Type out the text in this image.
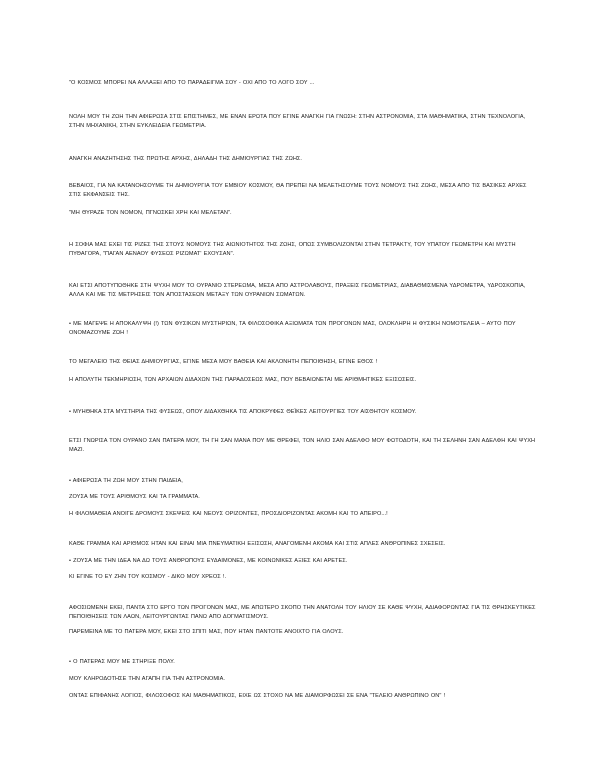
"Ο ΚΟΣΜΟΣ ΜΠΟΡΕΙ ΝΑ ΑΛΛΑΞΕΙ ΑΠΟ ΤΟ ΠΑΡΑΔΕΙΓΜΑ ΣΟΥ - ΟΧΙ ΑΠΟ ΤΟ ΛΟΓΟ ΣΟΥ ...
ΝΟΛΗ ΜΟΥ ΤΗ ΖΩΗ ΤΗΝ ΑΦΙΕΡΩΣΑ ΣΤΙΣ ΕΠΙΣΤΗΜΕΣ, ΜΕ ΕΝΑΝ ΕΡΩΤΑ ΠΟΥ ΕΓΙΝΕ ΑΝΑΓΚΗ ΓΙΑ ΓΝΩΣΗ: ΣΤΗΝ ΑΣΤΡΟΝΟΜΙΑ, ΣΤΑ ΜΑΘΗΜΑΤΙΚΑ, ΣΤΗΝ ΤΕΧΝΟΛΟΓΙΑ, ΣΤΗΝ ΜΗΧΑΝΙΚΗ, ΣΤΗΝ ΕΥΚΛΕΙΔΕΙΑ ΓΕΩΜΕΤΡΙΑ.
ΑΝΑΓΚΗ ΑΝΑΖΗΤΗΣΗΣ ΤΗΣ ΠΡΩΤΗΣ ΑΡΧΗΣ, ΔΗΛΑΔΗ ΤΗΣ ΔΗΜΙΟΥΡΓΙΑΣ ΤΗΣ ΖΩΗΣ.
ΒΕΒΑΙΟΣ, ΓΙΑ ΝΑ ΚΑΤΑΝΟΗΣΟΥΜΕ ΤΗ ΔΗΜΙΟΥΡΓΙΑ ΤΟΥ ΕΜΒΙΟΥ ΚΟΣΜΟΥ, ΘΑ ΠΡΕΠΕΙ ΝΑ ΜΕΛΕΤΗΣΟΥΜΕ ΤΟΥΣ ΝΟΜΟΥΣ ΤΗΣ ΖΩΗΣ, ΜΕΣΑ ΑΠΟ ΤΙΣ ΒΑΣΙΚΕΣ ΑΡΧΕΣ ΣΤΙΣ ΕΚΦΑΝΣΕΙΣ ΤΗΣ.
"ΜΗ ΘΥΡΑΖΕ ΤΟΝ ΝΟΜΟΝ, ΠΓΝΩΣΚΕΙ ΧΡΗ ΚΑΙ ΜΕΛΕΤΑΝ".
Η ΣΟΦΙΑ ΜΑΣ ΕΧΕΙ ΤΙΣ ΡΙΖΕΣ ΤΗΣ ΣΤΟΥΣ ΝΟΜΟΥΣ ΤΗΣ ΑΙΩΝΙΟΤΗΤΟΣ ΤΗΣ ΖΩΗΣ, ΟΠΩΣ ΣΥΜΒΟΛΙΖΟΝΤΑΙ ΣΤΗΝ ΤΕΤΡΑΚΤΥ, ΤΟΥ ΥΠΑΤΟΥ ΓΕΩΜΕΤΡΗ ΚΑΙ ΜΥΣΤΗ ΠΥΘΑΓΟΡΑ, "ΠΑΓΑΝ ΑΕΝΑΟΥ ΦΥΣΕΩΣ ΡΙΖΩΜΑΤ' ΕΧΟΥΣΑΝ".
ΚΑΙ ΕΤΣΙ ΑΠΟΤΥΠΩΘΗΚΕ ΣΤΗ ΨΥΧΗ ΜΟΥ ΤΟ ΟΥΡΑΝΙΟ ΣΤΕΡΕΩΜΑ, ΜΕΣΑ ΑΠΟ ΑΣΤΡΟΛΑΒΟΥΣ, ΠΡΑΞΕΙΣ ΓΕΩΜΕΤΡΙΑΣ, ΔΙΑΒΑΘΜΙΣΜΕΝΑ ΥΔΡΟΜΕΤΡΑ, ΥΔΡΟΣΚΟΠΙΑ, ΑΛΛΑ ΚΑΙ ΜΕ ΤΙΣ ΜΕΤΡΗΣΕΙΣ ΤΩΝ ΑΠΟΣΤΑΣΕΩΝ ΜΕΤΑΞΥ ΤΩΝ ΟΥΡΑΝΙΩΝ ΣΩΜΑΤΩΝ.
• ΜΕ ΜΑΓΕΨΕ Η ΑΠΟΚΑΛΥΨΗ (!) ΤΩΝ ΦΥΣΙΚΩΝ ΜΥΣΤΗΡΙΩΝ, ΤΑ ΦΙΛΟΣΟΦΙΚΑ ΑΞΙΩΜΑΤΑ ΤΩΝ ΠΡΟΓΟΝΩΝ ΜΑΣ, ΟΛΟΚΛΗΡΗ Η ΦΥΣΙΚΗ ΝΟΜΟΤΕΛΕΙΑ – ΑΥΤΟ ΠΟΥ ΟΝΟΜΑΖΟΥΜΕ ΖΩΗ !
ΤΟ ΜΕΓΑΛΕΙΟ ΤΗΣ ΘΕΙΑΣ ΔΗΜΙΟΥΡΓΙΑΣ, ΕΓΙΝΕ ΜΕΣΑ ΜΟΥ ΒΑΘΕΙΑ ΚΑΙ ΑΚΛΟΝΗΤΗ ΠΕΠΟΙΘΗΣΗ, ΕΓΙΝΕ ΕΘΟΣ !
Η ΑΠΟΛΥΤΗ ΤΕΚΜΗΡΙΩΣΗ, ΤΩΝ ΑΡΧΑΙΩΝ ΔΙΔΑΧΩΝ ΤΗΣ ΠΑΡΑΔΟΣΕΩΣ ΜΑΣ, ΠΟΥ ΒΕΒΑΙΩΝΕΤΑΙ ΜΕ ΑΡΙΘΜΗΤΙΚΕΣ ΕΞΙΣΩΣΕΙΣ.
• ΜΥΗΘΗΚΑ ΣΤΑ ΜΥΣΤΗΡΙΑ ΤΗΣ ΦΥΣΕΩΣ, ΟΠΟΥ ΔΙΔΑΧΘΗΚΑ ΤΙΣ ΑΠΟΚΡΥΦΕΣ ΘΕΪΚΕΣ ΛΕΙΤΟΥΡΓΙΕΣ ΤΟΥ ΑΙΣΘΗΤΟΥ ΚΟΣΜΟΥ.
ΕΤΣΙ ΓΝΩΡΙΣΑ ΤΟΝ ΟΥΡΑΝΟ ΣΑΝ ΠΑΤΕΡΑ ΜΟΥ, ΤΗ ΓΗ ΣΑΝ ΜΑΝΑ ΠΟΥ ΜΕ ΘΡΕΦΕΙ, ΤΟΝ ΗΛΙΟ ΣΑΝ ΑΔΕΛΦΟ ΜΟΥ ΦΩΤΟΔΟΤΗ, ΚΑΙ ΤΗ ΣΕΛΗΝΗ ΣΑΝ ΑΔΕΛΦΗ ΚΑΙ ΨΥΧΗ ΜΑΖΙ.
• ΑΦΙΕΡΩΣΑ ΤΗ ΖΩΗ ΜΟΥ ΣΤΗΝ ΠΑΙΔΕΙΑ,
ΖΟΥΣΑ ΜΕ ΤΟΥΣ ΑΡΙΘΜΟΥΣ ΚΑΙ ΤΑ ΓΡΑΜΜΑΤΑ.
Η ΦΙΛΟΜΑΘΕΙΑ ΑΝΟΙΓΕ ΔΡΟΜΟΥΣ ΣΚΕΨΕΙΣ ΚΑΙ ΝΕΟΥΣ ΟΡΙΖΟΝΤΕΣ, ΠΡΟΣΔΙΟΡΙΖΟΝΤΑΣ ΑΚΟΜΗ ΚΑΙ ΤΟ ΑΠΕΙΡΟ...!
ΚΑΘΕ ΓΡΑΜΜΑ ΚΑΙ ΑΡΙΘΜΟΣ ΗΤΑΝ ΚΑΙ ΕΙΝΑΙ ΜΙΑ ΠΝΕΥΜΑΤΙΚΗ ΕΞΙΣΩΣΗ, ΑΝΑΓΟΜΕΝΗ ΑΚΟΜΑ ΚΑΙ ΣΤΙΣ ΑΠΛΕΣ ΑΝΘΡΩΠΙΝΕΣ ΣΧΕΣΕΙΣ.
• ΖΟΥΣΑ ΜΕ ΤΗΝ ΙΔΕΑ ΝΑ ΔΩ ΤΟΥΣ ΑΝΘΡΩΠΟΥΣ ΕΥΔΑΙΜΟΝΕΣ, ΜΕ ΚΟΙΝΩΝΙΚΕΣ ΑΞΙΕΣ ΚΑΙ ΑΡΕΤΕΣ.
ΚΙ ΕΓΙΝΕ ΤΟ ΕΥ ΖΗΝ ΤΟΥ ΚΟΣΜΟΥ - ΔΙΚΟ ΜΟΥ ΧΡΕΟΣ !.
ΑΦΟΣΙΩΜΕΝΗ ΕΚΕΙ, ΠΑΝΤΑ ΣΤΟ ΕΡΓΟ ΤΩΝ ΠΡΟΓΟΝΩΝ ΜΑΣ, ΜΕ ΑΠΩΤΕΡΟ ΣΚΟΠΟ ΤΗΝ ΑΝΑΤΟΛΗ ΤΟΥ ΗΛΙΟΥ ΣΕ ΚΑΘΕ ΨΥΧΗ, ΑΔΙΑΦΟΡΩΝΤΑΣ ΓΙΑ ΤΙΣ ΘΡΗΣΚΕΥΤΙΚΕΣ ΠΕΠΟΙΘΗΣΕΙΣ ΤΩΝ ΛΑΩΝ, ΛΕΙΤΟΥΡΓΩΝΤΑΣ ΠΑΝΩ ΑΠΟ ΔΟΓΜΑΤΙΣΜΟΥΣ.
ΠΑΡΕΜΕΙΝΑ ΜΕ ΤΟ ΠΑΤΕΡΑ ΜΟΥ, ΕΚΕΙ ΣΤΟ ΣΠΙΤΙ ΜΑΣ, ΠΟΥ ΗΤΑΝ ΠΑΝΤΟΤΕ ΑΝΟΙΧΤΟ ΓΙΑ ΟΛΟΥΣ.
• Ο ΠΑΤΕΡΑΣ ΜΟΥ ΜΕ ΣΤΗΡΙΞΕ ΠΟΛΥ.
ΜΟΥ ΚΛΗΡΟΔΟΤΗΣΕ ΤΗΝ ΑΓΑΠΗ ΓΙΑ ΤΗΝ ΑΣΤΡΟΝΟΜΙΑ.
ΟΝΤΑΣ ΕΠΙΦΑΝΗΣ ΛΟΓΙΟΣ, ΦΙΛΟΣΟΦΟΣ ΚΑΙ ΜΑΘΗΜΑΤΙΚΟΣ, ΕΙΧΕ ΩΣ ΣΤΟΧΟ ΝΑ ΜΕ ΔΙΑΜΟΡΦΩΣΕΙ ΣΕ ΕΝΑ "ΤΕΛΕΙΟ ΑΝΘΡΩΠΙΝΟ ΟΝ" !
